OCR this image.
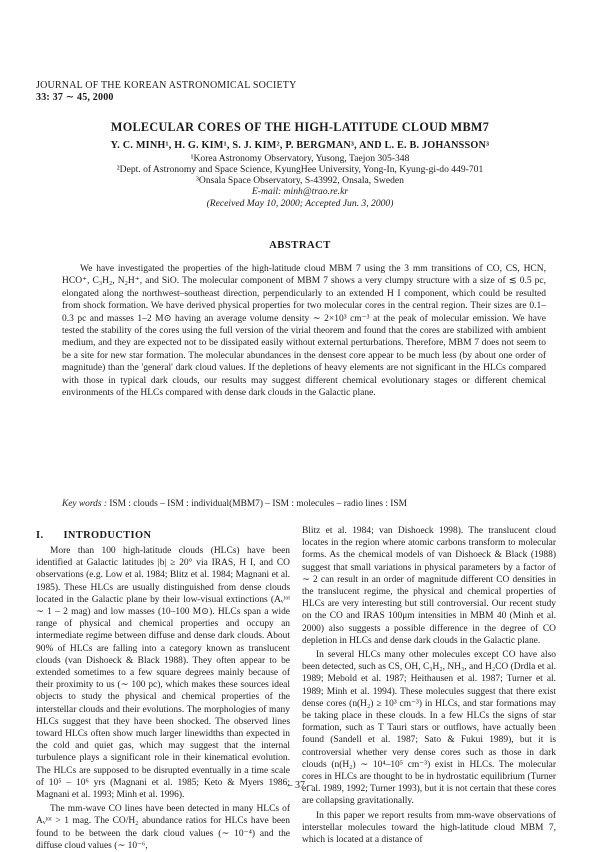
JOURNAL OF THE KOREAN ASTRONOMICAL SOCIETY
33: 37 ∼ 45, 2000
MOLECULAR CORES OF THE HIGH-LATITUDE CLOUD MBM7
Y. C. MINH¹, H. G. KIM¹, S. J. KIM², P. BERGMAN³, AND L. E. B. JOHANSSON³
¹Korea Astronomy Observatory, Yusong, Taejon 305-348
²Dept. of Astronomy and Space Science, KyungHee University, Yong-In, Kyung-gi-do 449-701
³Onsala Space Observatory, S-43992, Onsala, Sweden
E-mail: minh@trao.re.kr
(Received May 10, 2000; Accepted Jun. 3, 2000)
ABSTRACT

We have investigated the properties of the high-latitude cloud MBM 7 using the 3 mm transitions of CO, CS, HCN, HCO⁺, C₃H₂, N₂H⁺, and SiO. The molecular component of MBM 7 shows a very clumpy structure with a size of ≲ 0.5 pc, elongated along the northwest–southeast direction, perpendicularly to an extended H I component, which could be resulted from shock formation. We have derived physical properties for two molecular cores in the central region. Their sizes are 0.1–0.3 pc and masses 1–2 M⊙ having an average volume density ∼ 2×10³ cm⁻³ at the peak of molecular emission. We have tested the stability of the cores using the full version of the virial theorem and found that the cores are stabilized with ambient medium, and they are expected not to be dissipated easily without external perturbations. Therefore, MBM 7 does not seem to be a site for new star formation. The molecular abundances in the densest core appear to be much less (by about one order of magnitude) than the 'general' dark cloud values. If the depletions of heavy elements are not significant in the HLCs compared with those in typical dark clouds, our results may suggest different chemical evolutionary stages or different chemical environments of the HLCs compared with dense dark clouds in the Galactic plane.

Key words : ISM : clouds – ISM : individual(MBM7) – ISM : molecules – radio lines : ISM

I. INTRODUCTION

More than 100 high-latitude clouds (HLCs) have been identified at Galactic latitudes |b| ≥ 20° via IRAS, H I, and CO observations (e.g. Low et al. 1984; Blitz et al. 1984; Magnani et al. 1985). These HLCs are usually distinguished from dense clouds located in the Galactic plane by their low-visual extinctions (Aᵥᵗᵒᵗ ∼ 1 – 2 mag) and low masses (10–100 M⊙). HLCs span a wide range of physical and chemical properties and occupy an intermediate regime between diffuse and dense dark clouds. About 90% of HLCs are falling into a category known as translucent clouds (van Dishoeck & Black 1988). They often appear to be extended sometimes to a few square degrees mainly because of their proximity to us (∼ 100 pc), which makes these sources ideal objects to study the physical and chemical properties of the interstellar clouds and their evolutions. The morphologies of many HLCs suggest that they have been shocked. The observed lines toward HLCs often show much larger linewidths than expected in the cold and quiet gas, which may suggest that the internal turbulence plays a significant role in their kinematical evolution. The HLCs are supposed to be disrupted eventually in a time scale of 10⁵ – 10⁶ yrs (Magnani et al. 1985; Keto & Myers 1986; Magnani et al. 1993; Minh et al. 1996).

The mm-wave CO lines have been detected in many HLCs of Aᵥᵗᵒᵗ > 1 mag. The CO/H₂ abundance ratios for HLCs have been found to be between the dark cloud values (∼ 10⁻⁴) and the diffuse cloud values (∼ 10⁻⁶,

Blitz et al. 1984; van Dishoeck 1998). The translucent cloud locates in the region where atomic carbons transform to molecular forms. As the chemical models of van Dishoeck & Black (1988) suggest that small variations in physical parameters by a factor of ∼ 2 can result in an order of magnitude different CO densities in the translucent regime, the physical and chemical properties of HLCs are very interesting but still controversial. Our recent study on the CO and IRAS 100μm intensities in MBM 40 (Minh et al. 2000) also suggests a possible difference in the degree of CO depletion in HLCs and dense dark clouds in the Galactic plane.

In several HLCs many other molecules except CO have also been detected, such as CS, OH, C₃H₂, NH₃, and H₂CO (Drdla et al. 1989; Mebold et al. 1987; Heithausen et al. 1987; Turner et al. 1989; Minh et al. 1994). These molecules suggest that there exist dense cores (n(H₂) ≥ 10³ cm⁻³) in HLCs, and star formations may be taking place in these clouds. In a few HLCs the signs of star formation, such as T Tauri stars or outflows, have actually been found (Sandell et al. 1987; Sato & Fukui 1989), but it is controversial whether very dense cores such as those in dark clouds (n(H₂) ∼ 10⁴–10⁵ cm⁻³) exist in HLCs. The molecular cores in HLCs are thought to be in hydrostatic equilibrium (Turner et al. 1989, 1992; Turner 1993), but it is not certain that these cores are collapsing gravitationally.

In this paper we report results from mm-wave observations of interstellar molecules toward the high-latitude cloud MBM 7, which is located at a distance of

– 37 –
